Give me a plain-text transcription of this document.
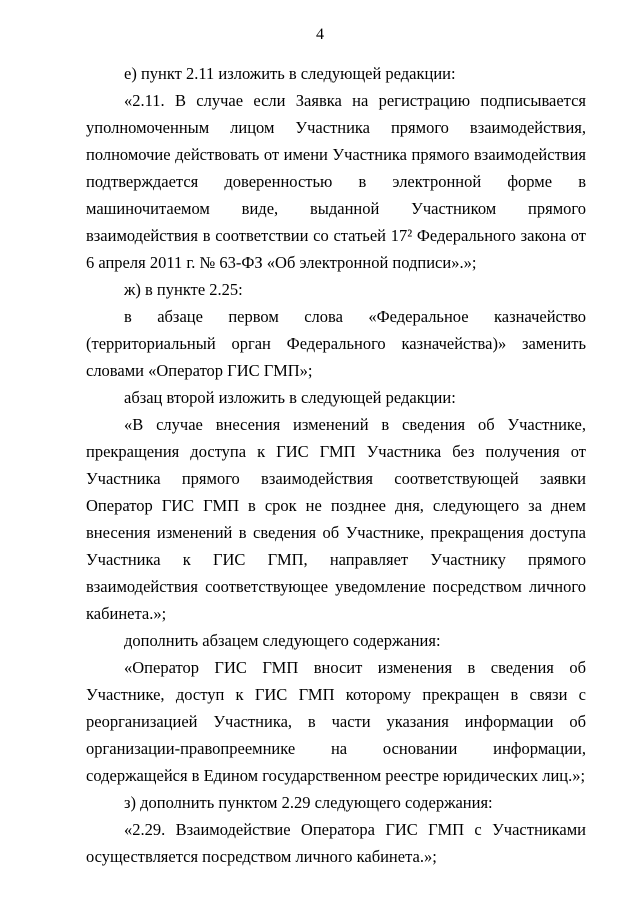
4

е) пункт 2.11 изложить в следующей редакции:

«2.11. В случае если Заявка на регистрацию подписывается уполномоченным лицом Участника прямого взаимодействия, полномочие действовать от имени Участника прямого взаимодействия подтверждается доверенностью в электронной форме в машиночитаемом виде, выданной Участником прямого взаимодействия в соответствии со статьей 17² Федерального закона от 6 апреля 2011 г. № 63-ФЗ «Об электронной подписи».»;

ж) в пункте 2.25:

в абзаце первом слова «Федеральное казначейство (территориальный орган Федерального казначейства)» заменить словами «Оператор ГИС ГМП»;

абзац второй изложить в следующей редакции:

«В случае внесения изменений в сведения об Участнике, прекращения доступа к ГИС ГМП Участника без получения от Участника прямого взаимодействия соответствующей заявки Оператор ГИС ГМП в срок не позднее дня, следующего за днем внесения изменений в сведения об Участнике, прекращения доступа Участника к ГИС ГМП, направляет Участнику прямого взаимодействия соответствующее уведомление посредством личного кабинета.»;

дополнить абзацем следующего содержания:

«Оператор ГИС ГМП вносит изменения в сведения об Участнике, доступ к ГИС ГМП которому прекращен в связи с реорганизацией Участника, в части указания информации об организации-правопреемнике на основании информации, содержащейся в Едином государственном реестре юридических лиц.»;

з) дополнить пунктом 2.29 следующего содержания:

«2.29. Взаимодействие Оператора ГИС ГМП с Участниками осуществляется посредством личного кабинета.»;
